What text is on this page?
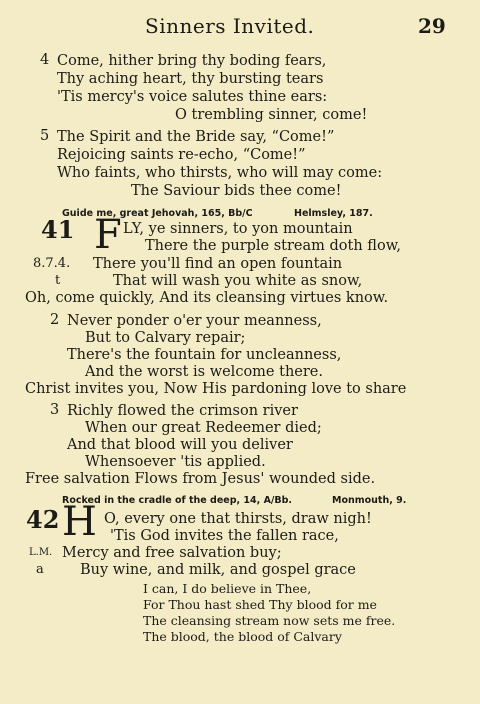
Sinners Invited.	29
4 Come, hither bring thy boding fears,
Thy aching heart, thy bursting tears
'Tis mercy's voice salutes thine ears:
O trembling sinner, come!
5 The Spirit and the Bride say, “Come!”
Rejoicing saints re-echo, “Come!”
Who faints, who thirsts, who will may come:
The Saviour bids thee come!
Guide me, great Jehovah, 165, Bb/C	Helmsley, 187.
41 F LY, ye sinners, to yon mountain
There the purple stream doth flow,
8.7.4. There you'll find an open fountain
t	That will wash you white as snow,
Oh, come quickly, And its cleansing virtues know.
2 Never ponder o'er your meanness,
But to Calvary repair;
There's the fountain for uncleanness,
And the worst is welcome there.
Christ invites you, Now His pardoning love to share
3 Richly flowed the crimson river
When our great Redeemer died;
And that blood will you deliver
Whensoever 'tis applied.
Free salvation Flows from Jesus' wounded side.
Rocked in the cradle of the deep, 14, A/Bb.	Monmouth, 9.
42 H O, every one that thirsts, draw nigh!
'Tis God invites the fallen race,
L.M. Mercy and free salvation buy;
a Buy wine, and milk, and gospel grace
I can, I do believe in Thee,
For Thou hast shed Thy blood for me
The cleansing stream now sets me free.
The blood, the blood of Calvary
